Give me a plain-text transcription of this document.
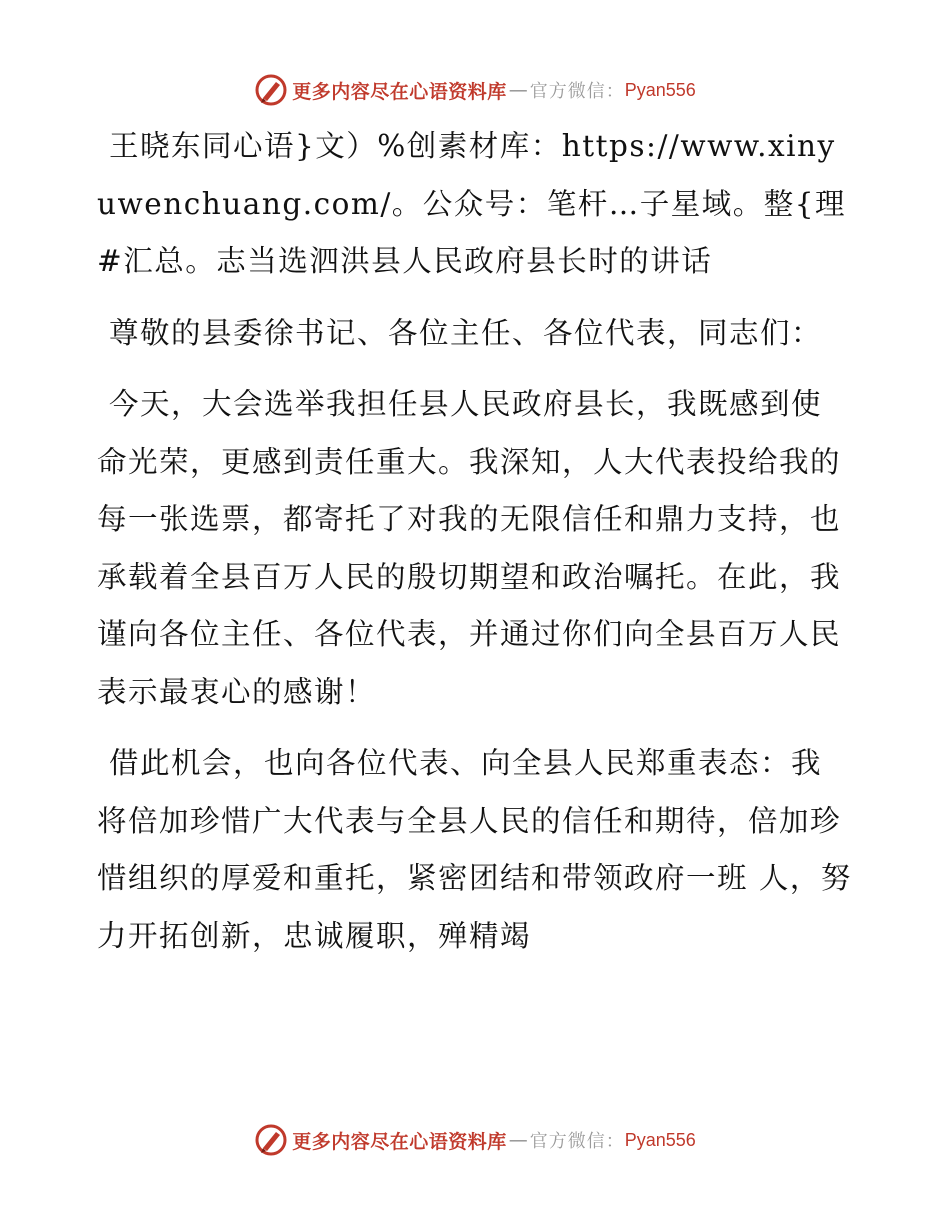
更多内容尽在心语资料库 — 官方微信： Pyan556

王晓东同心语}文）%创素材库：https://www.xinyuwenchuang.com/。公众号：笔杆…子星域。整{理#汇总。志当选泗洪县人民政府县长时的讲话

尊敬的县委徐书记、各位主任、各位代表，同志们：

今天，大会选举我担任县人民政府县长，我既感到使命光荣，更感到责任重大。我深知，人大代表投给我的每一张选票，都寄托了对我的无限信任和鼎力支持，也承载着全县百万人民的殷切期望和政治嘱托。在此，我谨向各位主任、各位代表，并通过你们向全县百万人民表示最衷心的感谢！

借此机会，也向各位代表、向全县人民郑重表态：我将倍加珍惜广大代表与全县人民的信任和期待，倍加珍惜组织的厚爱和重托，紧密团结和带领政府一班 人，努力开拓创新，忠诚履职，殚精竭

更多内容尽在心语资料库 — 官方微信： Pyan556
